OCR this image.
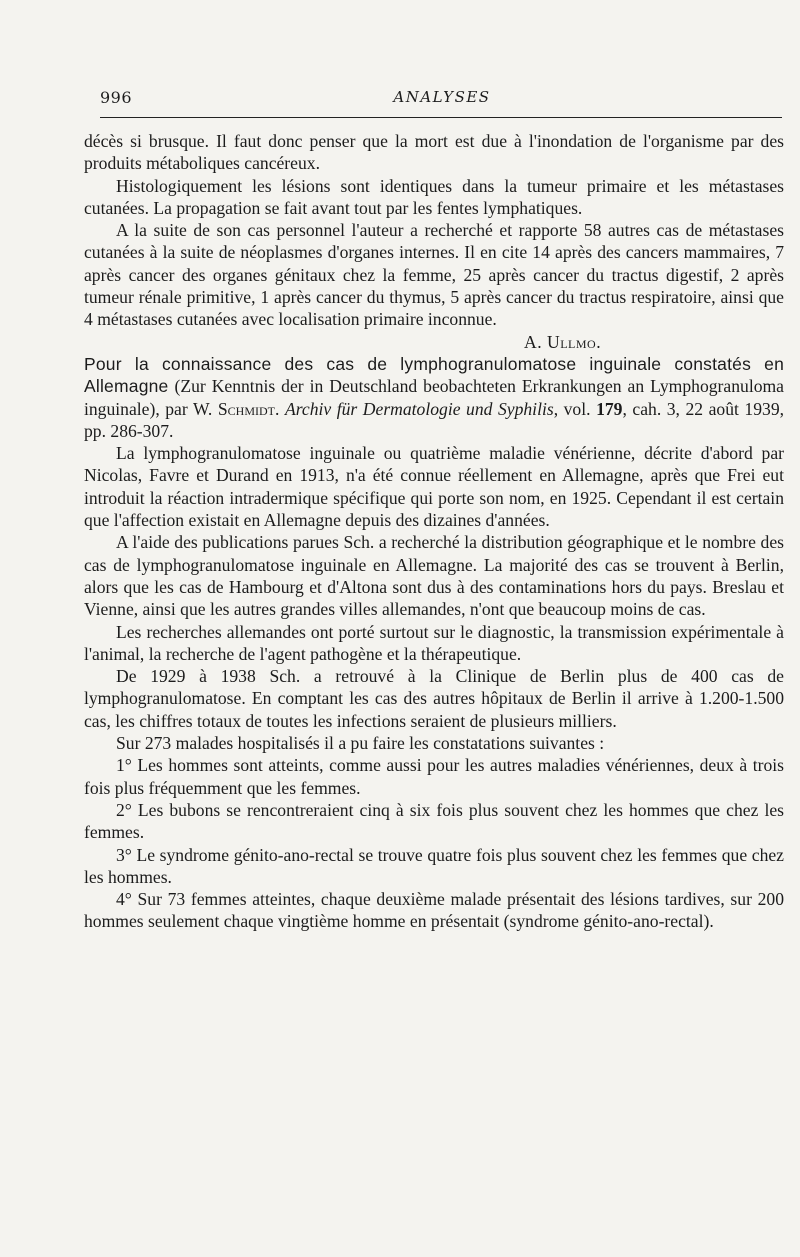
996	ANALYSES

décès si brusque. Il faut donc penser que la mort est due à l'inondation de l'organisme par des produits métaboliques cancéreux.

Histologiquement les lésions sont identiques dans la tumeur primaire et les métastases cutanées. La propagation se fait avant tout par les fentes lymphatiques.

A la suite de son cas personnel l'auteur a recherché et rapporte 58 autres cas de métastases cutanées à la suite de néoplasmes d'organes internes. Il en cite 14 après des cancers mammaires, 7 après cancer des organes génitaux chez la femme, 25 après cancer du tractus digestif, 2 après tumeur rénale primitive, 1 après cancer du thymus, 5 après cancer du tractus respiratoire, ainsi que 4 métastases cutanées avec localisation primaire inconnue.

A. Ullmo.

Pour la connaissance des cas de lymphogranulomatose inguinale constatés en Allemagne (Zur Kenntnis der in Deutschland beobachteten Erkrankungen an Lymphogranuloma inguinale), par W. Schmidt. Archiv für Dermatologie und Syphilis, vol. 179, cah. 3, 22 août 1939, pp. 286-307.

La lymphogranulomatose inguinale ou quatrième maladie vénérienne, décrite d'abord par Nicolas, Favre et Durand en 1913, n'a été connue réellement en Allemagne, après que Frei eut introduit la réaction intradermique spécifique qui porte son nom, en 1925. Cependant il est certain que l'affection existait en Allemagne depuis des dizaines d'années.

A l'aide des publications parues Sch. a recherché la distribution géographique et le nombre des cas de lymphogranulomatose inguinale en Allemagne. La majorité des cas se trouvent à Berlin, alors que les cas de Hambourg et d'Altona sont dus à des contaminations hors du pays. Breslau et Vienne, ainsi que les autres grandes villes allemandes, n'ont que beaucoup moins de cas.

Les recherches allemandes ont porté surtout sur le diagnostic, la transmission expérimentale à l'animal, la recherche de l'agent pathogène et la thérapeutique.

De 1929 à 1938 Sch. a retrouvé à la Clinique de Berlin plus de 400 cas de lymphogranulomatose. En comptant les cas des autres hôpitaux de Berlin il arrive à 1.200-1.500 cas, les chiffres totaux de toutes les infections seraient de plusieurs milliers.

Sur 273 malades hospitalisés il a pu faire les constatations suivantes :

1° Les hommes sont atteints, comme aussi pour les autres maladies vénériennes, deux à trois fois plus fréquemment que les femmes.

2° Les bubons se rencontreraient cinq à six fois plus souvent chez les hommes que chez les femmes.

3° Le syndrome génito-ano-rectal se trouve quatre fois plus souvent chez les femmes que chez les hommes.

4° Sur 73 femmes atteintes, chaque deuxième malade présentait des lésions tardives, sur 200 hommes seulement chaque vingtième homme en présentait (syndrome génito-ano-rectal).
